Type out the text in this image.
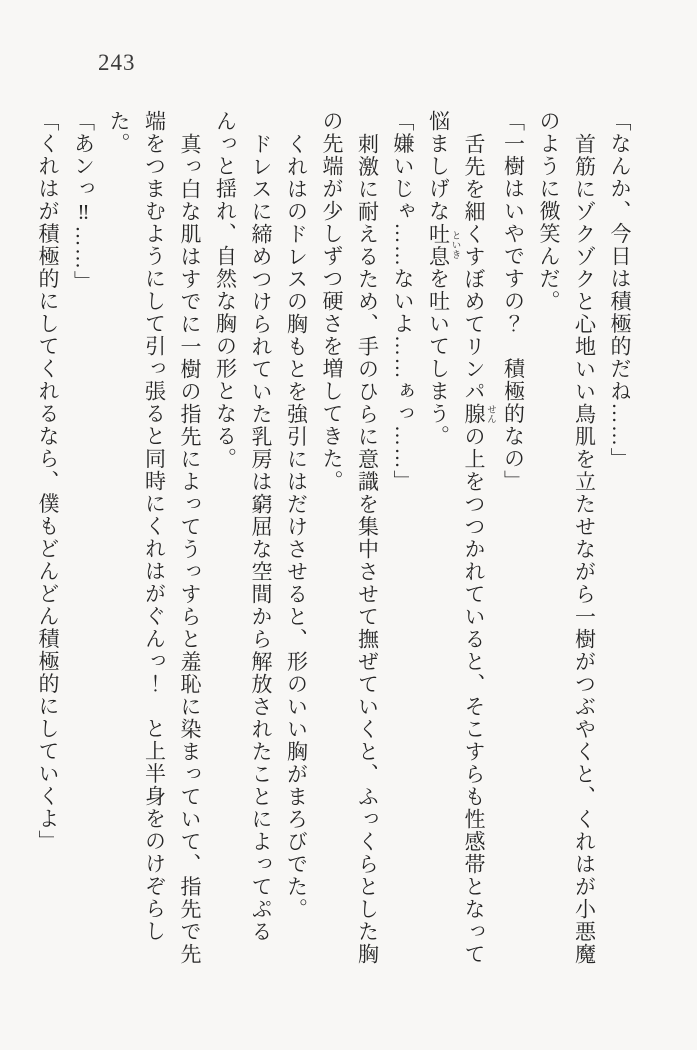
243

「なんか、今日は積極的だね……」

首筋にゾクゾクと心地いい鳥肌を立たせながら一樹がつぶやくと、くれはが小悪魔のように微笑んだ。

「一樹はいやですの？　積極的なの」

舌先を細くすぼめてリンパ腺 せんの上をつつかれていると、そこすらも性感帯となって悩ましげな吐息 といきを吐いてしまう。

「嫌いじゃ……ないよ……ぁっ……」

刺激に耐えるため、手のひらに意識を集中させて撫ぜていくと、ふっくらとした胸の先端が少しずつ硬さを増してきた。

くれはのドレスの胸もとを強引にはだけさせると、形のいい胸がまろびでた。

ドレスに締めつけられていた乳房は窮屈な空間から解放されたことによってぷるんっと揺れ、自然な胸の形となる。

真っ白な肌はすでに一樹の指先によってうっすらと羞恥に染まっていて、指先で先端をつまむようにして引っ張ると同時にくれはがぐんっ！　と上半身をのけぞらした。

「あンっ‼……」

「くれはが積極的にしてくれるなら、僕もどんどん積極的にしていくよ」
